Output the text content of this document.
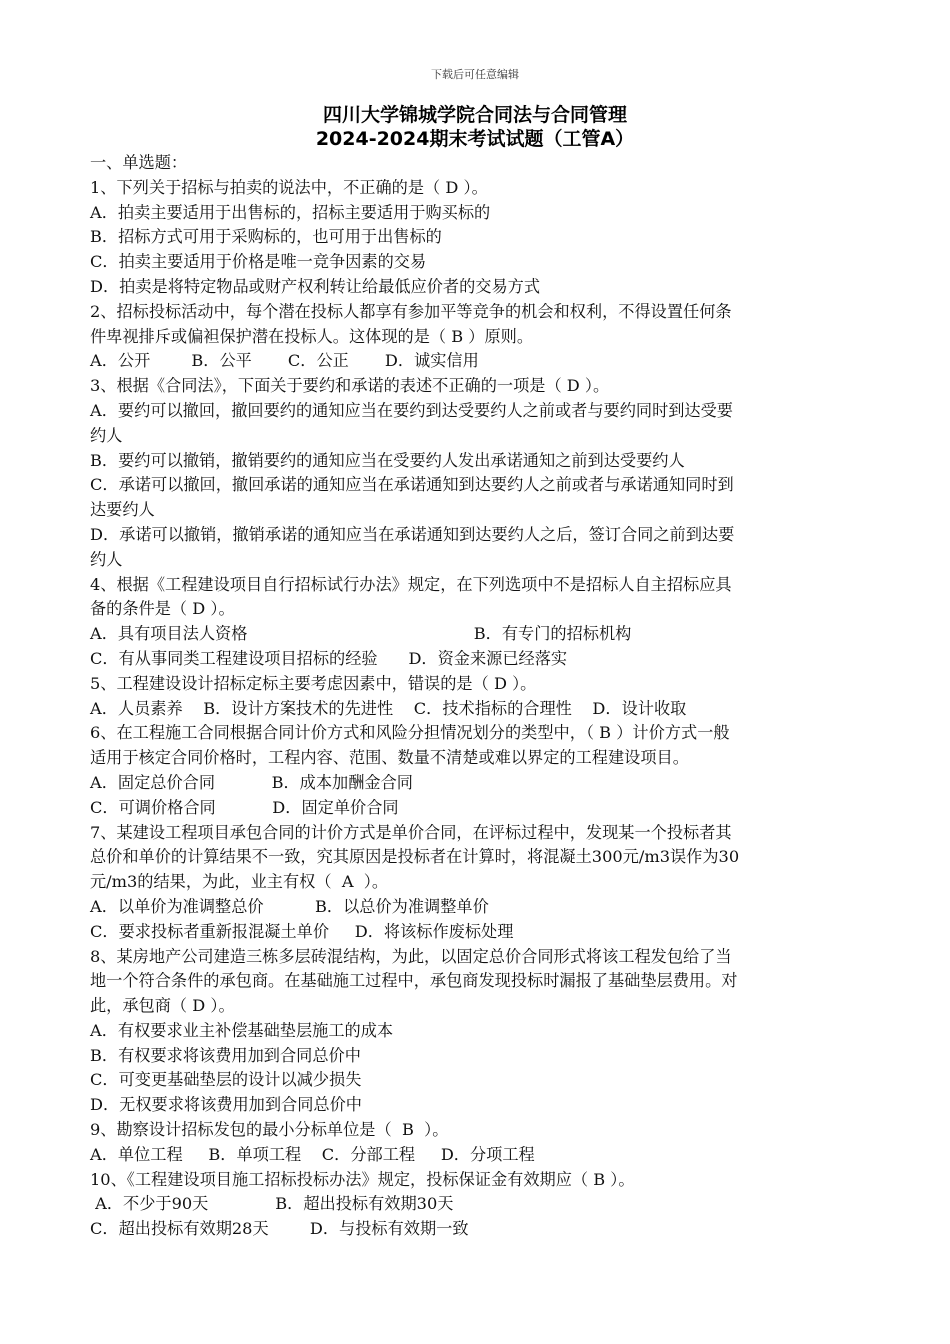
下载后可任意编辑
四川大学锦城学院合同法与合同管理
2024-2024期末考试试题（工管A）
一、单选题：
1、下列关于招标与拍卖的说法中，不正确的是（ D ）。
A．拍卖主要适用于出售标的，招标主要适用于购买标的
B．招标方式可用于采购标的，也可用于出售标的
C．拍卖主要适用于价格是唯一竞争因素的交易
D．拍卖是将特定物品或财产权利转让给最低应价者的交易方式
2、招标投标活动中，每个潜在投标人都享有参加平等竞争的机会和权利，不得设置任何条
件卑视排斥或偏袒保护潜在投标人。这体现的是（ B ）原则。
A．公开        B．公平       C．公正       D．诚实信用
3、根据《合同法》，下面关于要约和承诺的表述不正确的一项是（ D ）。
A．要约可以撤回，撤回要约的通知应当在要约到达受要约人之前或者与要约同时到达受要
约人
B．要约可以撤销，撤销要约的通知应当在受要约人发出承诺通知之前到达受要约人
C．承诺可以撤回，撤回承诺的通知应当在承诺通知到达要约人之前或者与承诺通知同时到
达要约人
D．承诺可以撤销，撤销承诺的通知应当在承诺通知到达要约人之后，签订合同之前到达要
约人
4、根据《工程建设项目自行招标试行办法》规定，在下列选项中不是招标人自主招标应具
备的条件是（ D ）。
A．具有项目法人资格                                            B．有专门的招标机构
C．有从事同类工程建设项目招标的经验      D．资金来源已经落实
5、工程建设设计招标定标主要考虑因素中，错误的是（ D ）。
A．人员素养    B．设计方案技术的先进性    C．技术指标的合理性    D．设计收取
6、在工程施工合同根据合同计价方式和风险分担情况划分的类型中，（ B ）计价方式一般
适用于核定合同价格时，工程内容、范围、数量不清楚或难以界定的工程建设项目。
A．固定总价合同           B．成本加酬金合同
C．可调价格合同           D．固定单价合同
7、某建设工程项目承包合同的计价方式是单价合同，在评标过程中，发现某一个投标者其
总价和单价的计算结果不一致，究其原因是投标者在计算时，将混凝土300元/m3误作为30
元/m3的结果，为此，业主有权（  A  ）。
A．以单价为准调整总价          B．以总价为准调整单价
C．要求投标者重新报混凝土单价     D．将该标作废标处理
8、某房地产公司建造三栋多层砖混结构，为此，以固定总价合同形式将该工程发包给了当
地一个符合条件的承包商。在基础施工过程中，承包商发现投标时漏报了基础垫层费用。对
此，承包商（ D ）。
A．有权要求业主补偿基础垫层施工的成本
B．有权要求将该费用加到合同总价中
C．可变更基础垫层的设计以减少损失
D．无权要求将该费用加到合同总价中
9、勘察设计招标发包的最小分标单位是（  B  ）。
A．单位工程     B．单项工程    C．分部工程     D．分项工程
10、《工程建设项目施工招标投标办法》规定，投标保证金有效期应（ B ）。
A．不少于90天             B．超出投标有效期30天
C．超出投标有效期28天        D．与投标有效期一致
